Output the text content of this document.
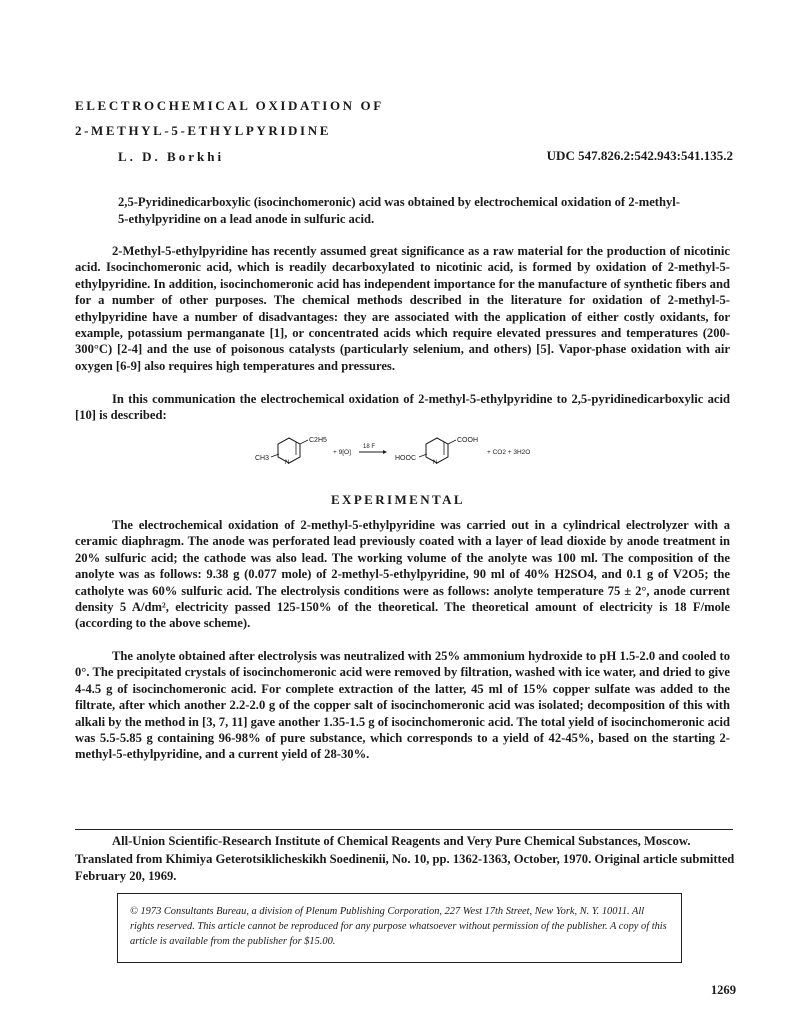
ELECTROCHEMICAL OXIDATION OF
2-METHYL-5-ETHYLPYRIDINE
L. D. Borkhi	UDC 547.826.2:542.943:541.135.2
2,5-Pyridinedicarboxylic (isocinchomeronic) acid was obtained by electrochemical oxidation of 2-methyl-5-ethylpyridine on a lead anode in sulfuric acid.

2-Methyl-5-ethylpyridine has recently assumed great significance as a raw material for the production of nicotinic acid. Isocinchomeronic acid, which is readily decarboxylated to nicotinic acid, is formed by oxidation of 2-methyl-5-ethylpyridine. In addition, isocinchomeronic acid has independent importance for the manufacture of synthetic fibers and for a number of other purposes. The chemical methods described in the literature for oxidation of 2-methyl-5-ethylpyridine have a number of disadvantages: they are associated with the application of either costly oxidants, for example, potassium permanganate [1], or concentrated acids which require elevated pressures and temperatures (200-300°C) [2-4] and the use of poisonous catalysts (particularly selenium, and others) [5]. Vapor-phase oxidation with air oxygen [6-9] also requires high temperatures and pressures.

In this communication the electrochemical oxidation of 2-methyl-5-ethylpyridine to 2,5-pyridinedicarboxylic acid [10] is described:

CH3
N
C2H5
+ 9[O]
18 F
HOOC
N
COOH
+ CO2 + 3H2O
EXPERIMENTAL

The electrochemical oxidation of 2-methyl-5-ethylpyridine was carried out in a cylindrical electrolyzer with a ceramic diaphragm. The anode was perforated lead previously coated with a layer of lead dioxide by anode treatment in 20% sulfuric acid; the cathode was also lead. The working volume of the anolyte was 100 ml. The composition of the anolyte was as follows: 9.38 g (0.077 mole) of 2-methyl-5-ethylpyridine, 90 ml of 40% H2SO4, and 0.1 g of V2O5; the catholyte was 60% sulfuric acid. The electrolysis conditions were as follows: anolyte temperature 75 ± 2°, anode current density 5 A/dm², electricity passed 125-150% of the theoretical. The theoretical amount of electricity is 18 F/mole (according to the above scheme).

The anolyte obtained after electrolysis was neutralized with 25% ammonium hydroxide to pH 1.5-2.0 and cooled to 0°. The precipitated crystals of isocinchomeronic acid were removed by filtration, washed with ice water, and dried to give 4-4.5 g of isocinchomeronic acid. For complete extraction of the latter, 45 ml of 15% copper sulfate was added to the filtrate, after which another 2.2-2.0 g of the copper salt of isocinchomeronic acid was isolated; decomposition of this with alkali by the method in [3, 7, 11] gave another 1.35-1.5 g of isocinchomeronic acid. The total yield of isocinchomeronic acid was 5.5-5.85 g containing 96-98% of pure substance, which corresponds to a yield of 42-45%, based on the starting 2-methyl-5-ethylpyridine, and a current yield of 28-30%.

All-Union Scientific-Research Institute of Chemical Reagents and Very Pure Chemical Substances, Moscow. Translated from Khimiya Geterotsiklicheskikh Soedinenii, No. 10, pp. 1362-1363, October, 1970. Original article submitted February 20, 1969.
© 1973 Consultants Bureau, a division of Plenum Publishing Corporation, 227 West 17th Street, New York, N. Y. 10011. All rights reserved. This article cannot be reproduced for any purpose whatsoever without permission of the publisher. A copy of this article is available from the publisher for $15.00.
1269
